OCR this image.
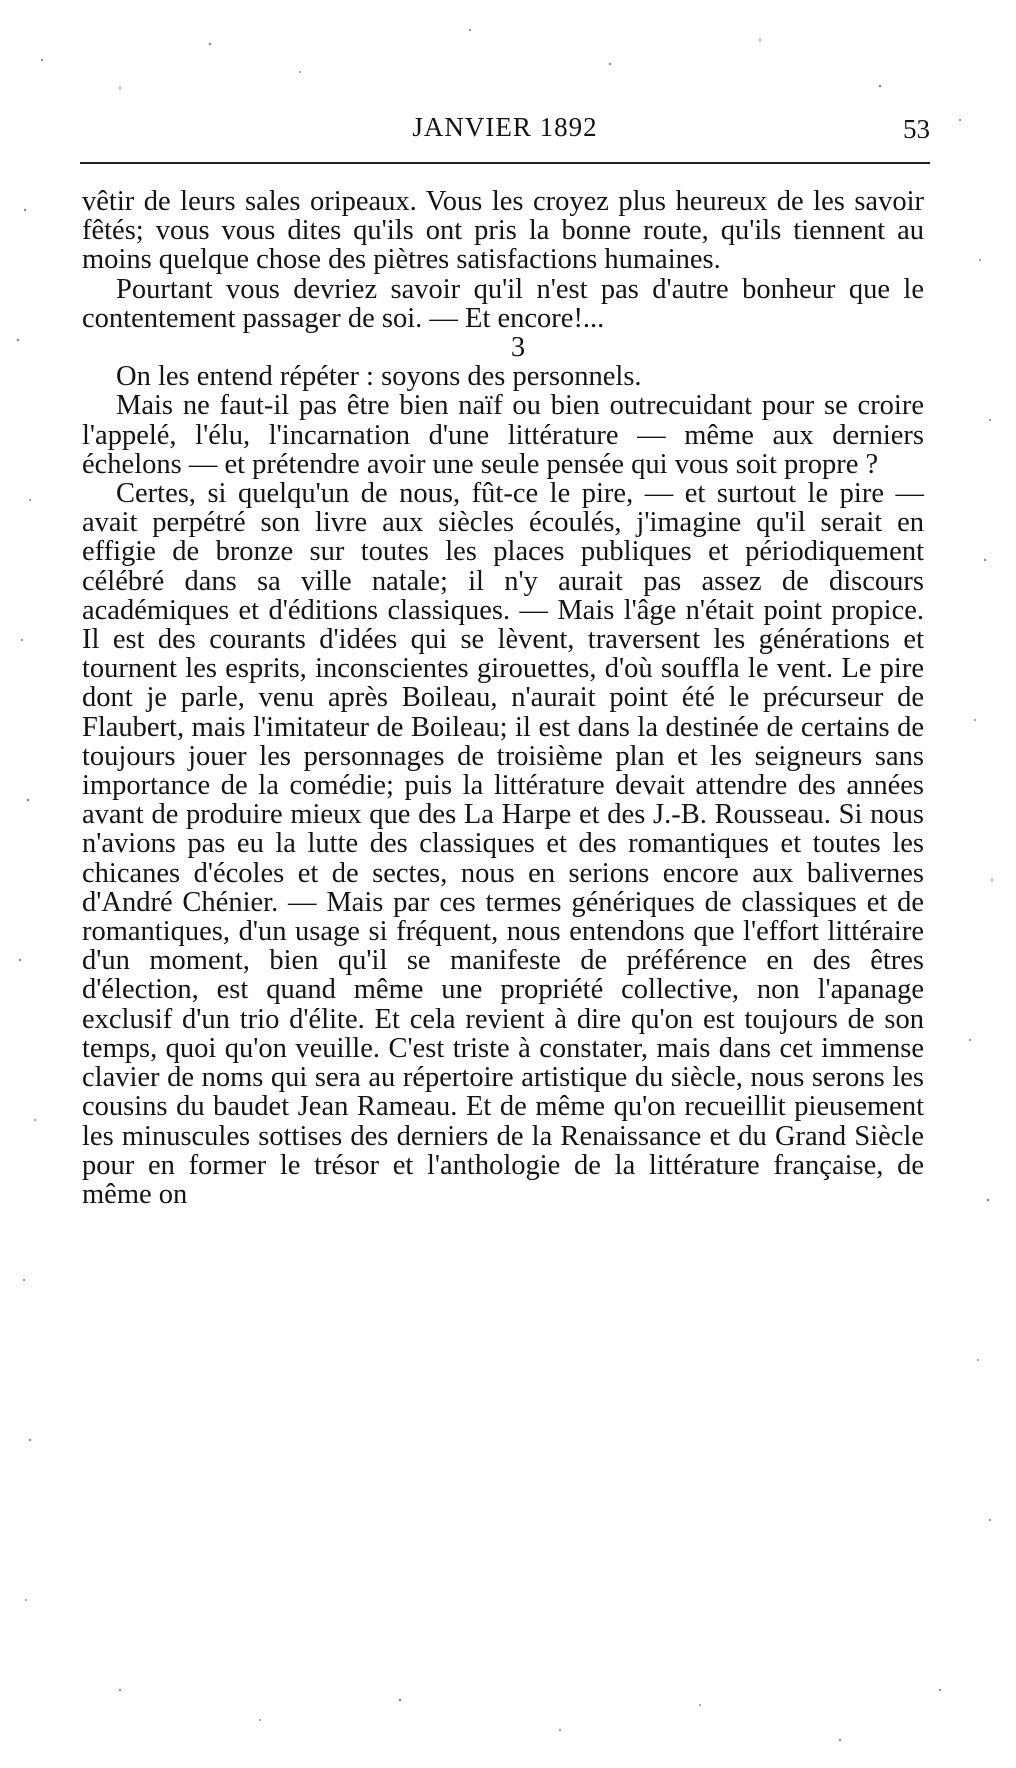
JANVIER 1892	53

vêtir de leurs sales oripeaux. Vous les croyez plus heureux de les savoir fêtés; vous vous dites qu'ils ont pris la bonne route, qu'ils tiennent au moins quelque chose des piètres satisfactions humaines.

Pourtant vous devriez savoir qu'il n'est pas d'autre bonheur que le contentement passager de soi. — Et encore!...

3

On les entend répéter : soyons des personnels.

Mais ne faut-il pas être bien naïf ou bien outrecuidant pour se croire l'appelé, l'élu, l'incarnation d'une littérature — même aux derniers échelons — et prétendre avoir une seule pensée qui vous soit propre ?

Certes, si quelqu'un de nous, fût-ce le pire, — et surtout le pire — avait perpétré son livre aux siècles écoulés, j'imagine qu'il serait en effigie de bronze sur toutes les places publiques et périodiquement célébré dans sa ville natale; il n'y aurait pas assez de discours académiques et d'éditions classiques. — Mais l'âge n'était point propice. Il est des courants d'idées qui se lèvent, traversent les générations et tournent les esprits, inconscientes girouettes, d'où souffla le vent. Le pire dont je parle, venu après Boileau, n'aurait point été le précurseur de Flaubert, mais l'imitateur de Boileau; il est dans la destinée de certains de toujours jouer les personnages de troisième plan et les seigneurs sans importance de la comédie; puis la littérature devait attendre des années avant de produire mieux que des La Harpe et des J.-B. Rousseau. Si nous n'avions pas eu la lutte des classiques et des romantiques et toutes les chicanes d'écoles et de sectes, nous en serions encore aux balivernes d'André Chénier. — Mais par ces termes génériques de classiques et de romantiques, d'un usage si fréquent, nous entendons que l'effort littéraire d'un moment, bien qu'il se manifeste de préférence en des êtres d'élection, est quand même une propriété collective, non l'apanage exclusif d'un trio d'élite. Et cela revient à dire qu'on est toujours de son temps, quoi qu'on veuille. C'est triste à constater, mais dans cet immense clavier de noms qui sera au répertoire artistique du siècle, nous serons les cousins du baudet Jean Rameau. Et de même qu'on recueillit pieusement les minuscules sottises des derniers de la Renaissance et du Grand Siècle pour en former le trésor et l'anthologie de la littérature française, de même on
